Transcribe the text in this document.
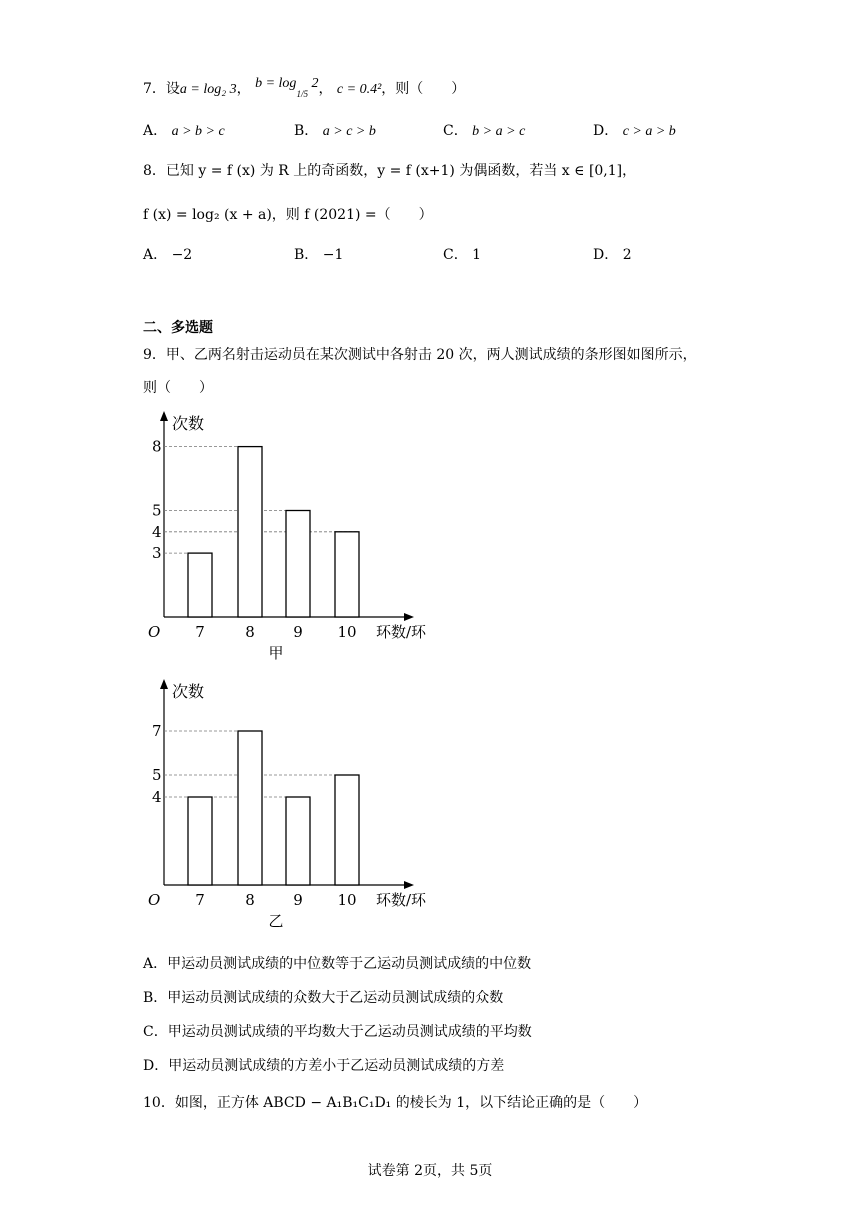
7．设a = log₂ 3， $b = \log_{1/5} 2$， c = 0.4²，则（　　）
A． a > b > c	B． a > c > b	C． b > a > c	D． c > a > b
8．已知 y = f (x) 为 R 上的奇函数，y = f (x+1) 为偶函数，若当 x ∈ [0,1]，
f (x) = log₂ (x + a)，则 f (2021) =（　　）
A． −2	B． −1	C． 1	D． 2
二、多选题
9．甲、乙两名射击运动员在某次测试中各射击 20 次，两人测试成绩的条形图如图所示，
则（　　）
次数
O
3
4
5
8
7	8	9 10 环数/环
甲
次数
O
4
5
7
7	8	9 10 环数/环
乙
A．甲运动员测试成绩的中位数等于乙运动员测试成绩的中位数
B．甲运动员测试成绩的众数大于乙运动员测试成绩的众数
C．甲运动员测试成绩的平均数大于乙运动员测试成绩的平均数
D．甲运动员测试成绩的方差小于乙运动员测试成绩的方差
10．如图，正方体 ABCD − A₁B₁C₁D₁ 的棱长为 1，以下结论正确的是（　　）
试卷第 2页，共 5页
